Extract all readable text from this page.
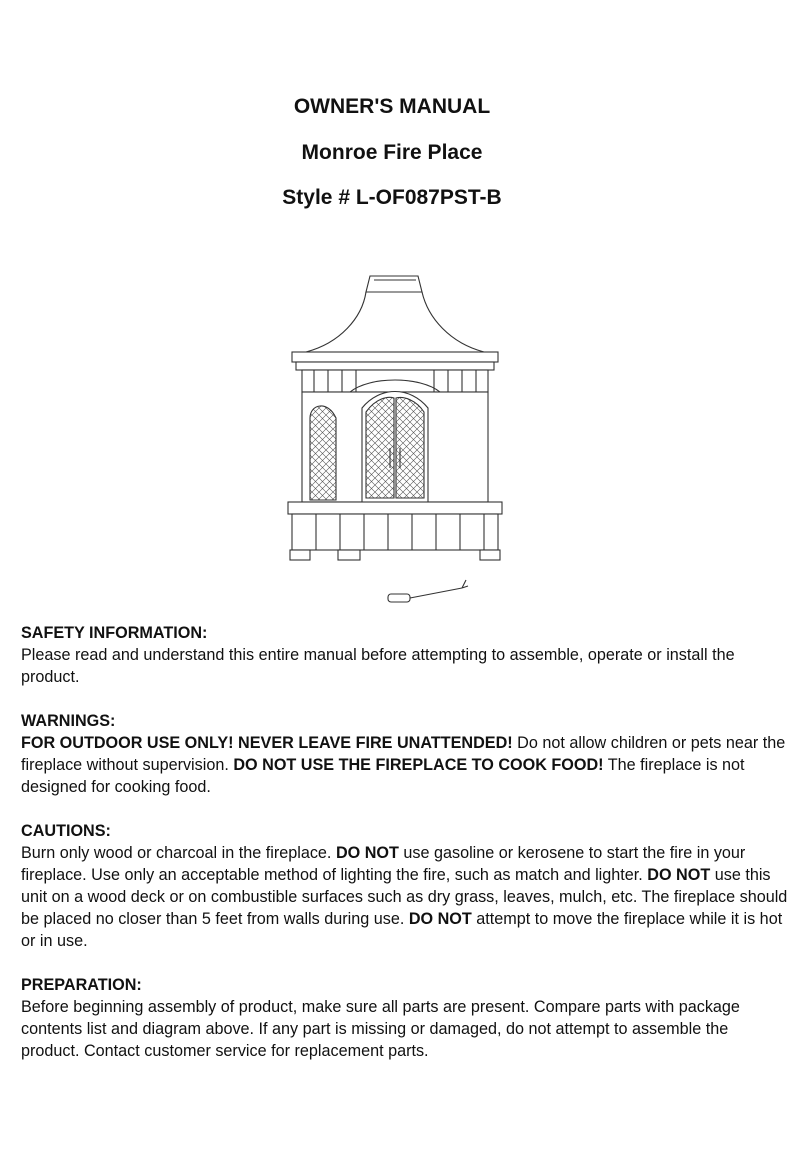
OWNER'S MANUAL
Monroe Fire Place
Style # L-OF087PST-B
SAFETY INFORMATION:

Please read and understand this entire manual before attempting to assemble, operate or install the product.

WARNINGS:

FOR OUTDOOR USE ONLY! NEVER LEAVE FIRE UNATTENDED! Do not allow children or pets near the fireplace without supervision. DO NOT USE THE FIREPLACE TO COOK FOOD! The fireplace is not designed for cooking food.

CAUTIONS:

Burn only wood or charcoal in the fireplace. DO NOT use gasoline or kerosene to start the fire in your fireplace. Use only an acceptable method of lighting the fire, such as match and lighter. DO NOT use this unit on a wood deck or on combustible surfaces such as dry grass, leaves, mulch, etc. The fireplace should be placed no closer than 5 feet from walls during use. DO NOT attempt to move the fireplace while it is hot or in use.

PREPARATION:

Before beginning assembly of product, make sure all parts are present. Compare parts with package contents list and diagram above. If any part is missing or damaged, do not attempt to assemble the product. Contact customer service for replacement parts.
